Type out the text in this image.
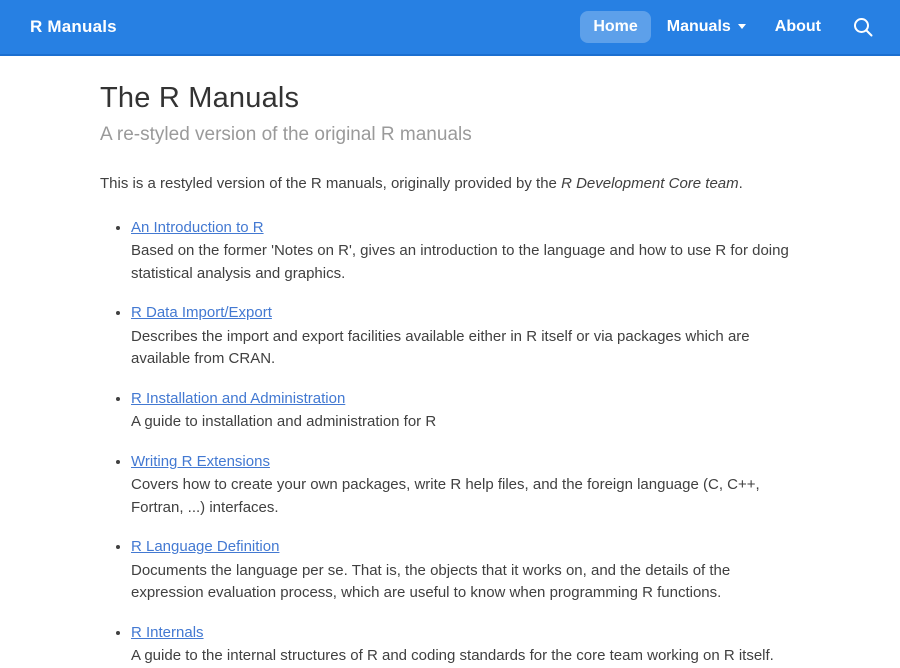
R Manuals	Home	Manuals	About
The R Manuals

A re-styled version of the original R manuals

This is a restyled version of the R manuals, originally provided by the R Development Core team.

• An Introduction to R

Based on the former 'Notes on R', gives an introduction to the language and how to use R for doing statistical analysis and graphics.

• R Data Import/Export

Describes the import and export facilities available either in R itself or via packages which are available from CRAN.

• R Installation and Administration

A guide to installation and administration for R

• Writing R Extensions

Covers how to create your own packages, write R help files, and the foreign language (C, C++, Fortran, ...) interfaces.

• R Language Definition

Documents the language per se. That is, the objects that it works on, and the details of the expression evaluation process, which are useful to know when programming R functions.

• R Internals

A guide to the internal structures of R and coding standards for the core team working on R itself.
